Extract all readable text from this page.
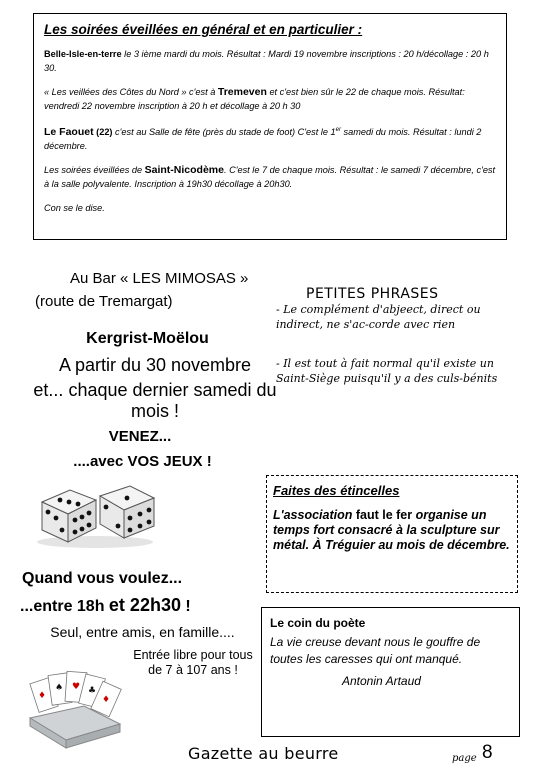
Les soirées éveillées en général et en particulier :

Belle-Isle-en-terre le 3 ième mardi du mois. Résultat : Mardi 19 novembre inscriptions : 20 h/décollage : 20 h 30.

« Les veillées des Côtes du Nord » c'est à Tremeven et c'est bien sûr le 22 de chaque mois. Résultat: vendredi 22 novembre inscription à 20 h et décollage à 20 h 30

Le Faouet (22) c'est au Salle de fête (près du stade de foot) C'est le 1er samedi du mois. Résultat : lundi 2 décembre.

Les soirées éveillées de Saint-Nicodème. C'est le 7 de chaque mois. Résultat : le samedi 7 décembre, c'est à la salle polyvalente. Inscription à 19h30 décollage à 20h30.

Con se le dise.

Au Bar « LES MIMOSAS »
(route de Tremargat)
Kergrist-Moëlou
A partir du 30 novembre
et... chaque dernier samedi du mois !
VENEZ...
....avec VOS JEUX !
Quand vous voulez...
...entre 18h et 22h30 !
Seul, entre amis, en famille....
Entrée libre pour tous de 7 à 107 ans !
♦
♠ ♥ ♣
♦
PETITES PHRASES
- Le complément d'abjeect, direct ou indirect, ne s'ac-corde avec rien
- Il est tout à fait normal qu'il existe un Saint-Siège puisqu'il y a des culs-bénits
Faites des étincelles
L'association faut le fer organise un temps fort consacré à la sculpture sur métal. À Tréguier au mois de décembre.
Le coin du poète
La vie creuse devant nous le gouffre de toutes les caresses qui ont manqué.
Antonin Artaud
Gazette au beurre	page 8
